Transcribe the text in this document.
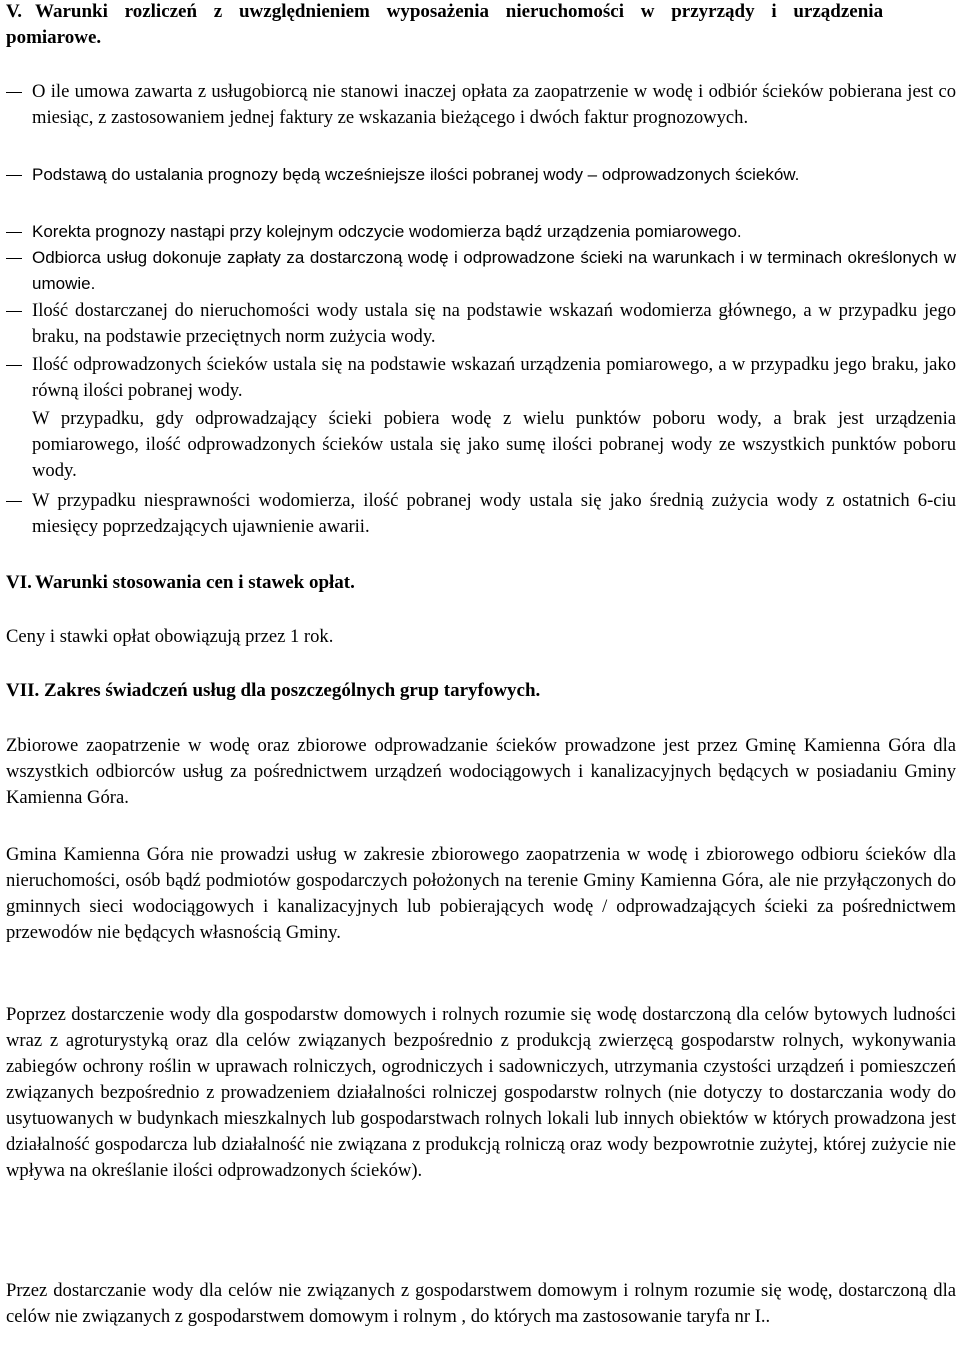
V. Warunki rozliczeń z uwzględnieniem wyposażenia nieruchomości w przyrządy i urządzenia pomiarowe.
O ile umowa zawarta z usługobiorcą nie stanowi inaczej opłata za zaopatrzenie w wodę i odbiór ścieków pobierana jest co miesiąc, z zastosowaniem jednej faktury ze wskazania bieżącego i dwóch faktur prognozowych.
Podstawą do ustalania prognozy będą wcześniejsze ilości pobranej wody – odprowadzonych ścieków.
Korekta prognozy nastąpi przy kolejnym odczycie wodomierza bądź urządzenia pomiarowego.
Odbiorca usług dokonuje zapłaty za dostarczoną wodę i odprowadzone ścieki na warunkach i w terminach określonych w umowie.
Ilość dostarczanej do nieruchomości wody ustala się na podstawie wskazań wodomierza głównego, a w przypadku jego braku, na podstawie przeciętnych norm zużycia wody.
Ilość odprowadzonych ścieków ustala się na podstawie wskazań urządzenia pomiarowego, a w przypadku jego braku, jako równą ilości pobranej wody.
W przypadku, gdy odprowadzający ścieki pobiera wodę z wielu punktów poboru wody, a brak jest urządzenia pomiarowego, ilość odprowadzonych ścieków ustala się jako sumę ilości pobranej wody ze wszystkich punktów poboru wody.
W przypadku niesprawności wodomierza, ilość pobranej wody ustala się jako średnią zużycia wody z ostatnich 6-ciu miesięcy poprzedzających ujawnienie awarii.
VI. Warunki stosowania cen i stawek opłat.
Ceny i stawki opłat obowiązują przez 1 rok.
VII. Zakres świadczeń usług dla poszczególnych grup taryfowych.
Zbiorowe zaopatrzenie w wodę oraz zbiorowe odprowadzanie ścieków prowadzone jest przez Gminę Kamienna Góra dla wszystkich odbiorców usług za pośrednictwem urządzeń wodociągowych i kanalizacyjnych będących w posiadaniu Gminy Kamienna Góra.
Gmina Kamienna Góra nie prowadzi usług w zakresie zbiorowego zaopatrzenia w wodę i zbiorowego odbioru ścieków dla nieruchomości, osób bądź podmiotów gospodarczych położonych na terenie Gminy Kamienna Góra, ale nie przyłączonych do gminnych sieci wodociągowych i kanalizacyjnych lub pobierających wodę / odprowadzających ścieki za pośrednictwem przewodów nie będących własnością Gminy.
Poprzez dostarczenie wody dla gospodarstw domowych i rolnych rozumie się wodę dostarczoną dla celów bytowych ludności wraz z agroturystyką oraz dla celów związanych bezpośrednio z produkcją zwierzęcą gospodarstw rolnych, wykonywania zabiegów ochrony roślin w uprawach rolniczych, ogrodniczych i sadowniczych, utrzymania czystości urządzeń i pomieszczeń związanych bezpośrednio z prowadzeniem działalności rolniczej gospodarstw rolnych (nie dotyczy to dostarczania wody do usytuowanych w budynkach mieszkalnych lub gospodarstwach rolnych lokali lub innych obiektów w których prowadzona jest działalność gospodarcza lub działalność nie związana z produkcją rolniczą oraz wody bezpowrotnie zużytej, której zużycie nie wpływa na określanie ilości odprowadzonych ścieków).
Przez dostarczanie wody dla celów nie związanych z gospodarstwem domowym i rolnym rozumie się wodę, dostarczoną dla celów nie związanych z gospodarstwem domowym i rolnym , do których ma zastosowanie taryfa nr I..
